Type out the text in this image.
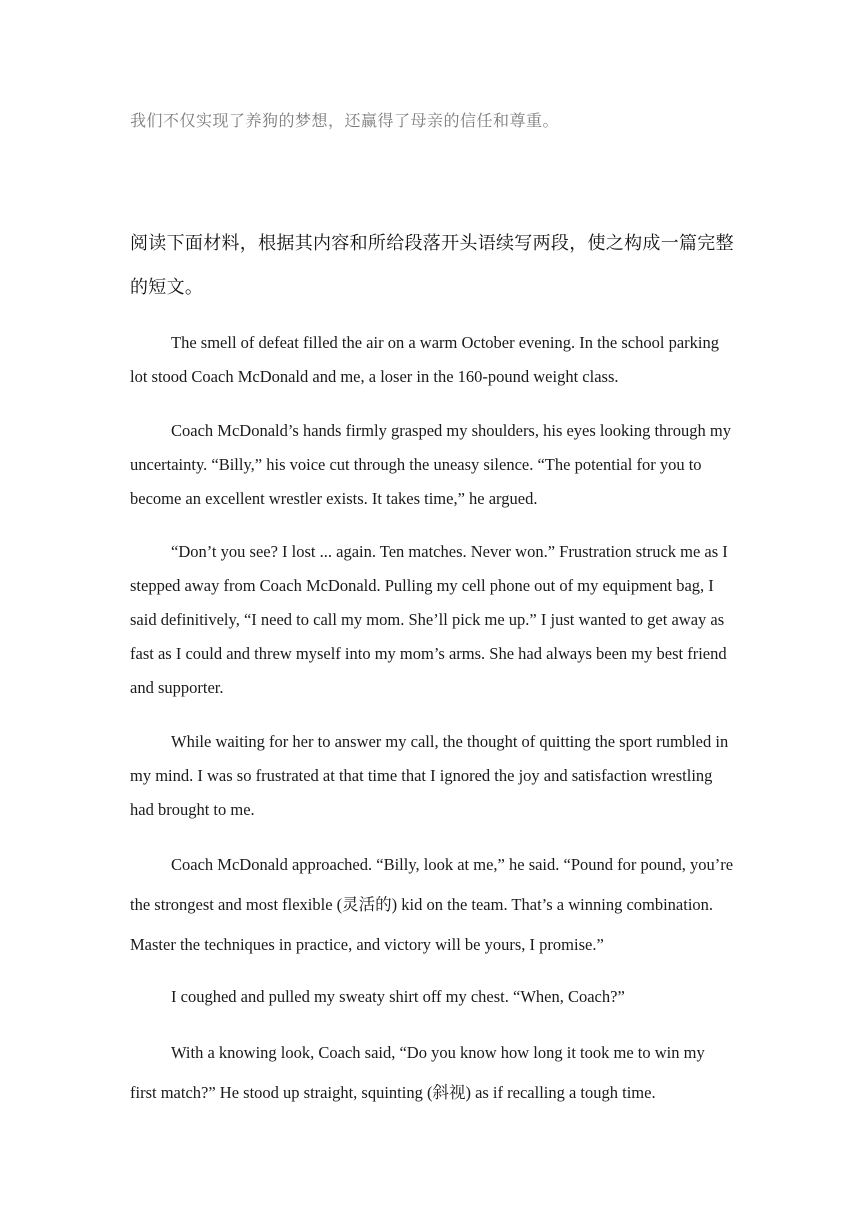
我们不仅实现了养狗的梦想，还赢得了母亲的信任和尊重。
阅读下面材料，根据其内容和所给段落开头语续写两段，使之构成一篇完整的短文。

The smell of defeat filled the air on a warm October evening. In the school parking lot stood Coach McDonald and me, a loser in the 160-pound weight class.

Coach McDonald’s hands firmly grasped my shoulders, his eyes looking through my uncertainty. “Billy,” his voice cut through the uneasy silence. “The potential for you to become an excellent wrestler exists. It takes time,” he argued.

“Don’t you see? I lost ... again. Ten matches. Never won.” Frustration struck me as I stepped away from Coach McDonald. Pulling my cell phone out of my equipment bag, I said definitively, “I need to call my mom. She’ll pick me up.” I just wanted to get away as fast as I could and threw myself into my mom’s arms. She had always been my best friend and supporter.

While waiting for her to answer my call, the thought of quitting the sport rumbled in my mind. I was so frustrated at that time that I ignored the joy and satisfaction wrestling had brought to me.

Coach McDonald approached. “Billy, look at me,” he said. “Pound for pound, you’re the strongest and most flexible (灵活的) kid on the team. That’s a winning combination. Master the techniques in practice, and victory will be yours, I promise.”

I coughed and pulled my sweaty shirt off my chest. “When, Coach?”

With a knowing look, Coach said, “Do you know how long it took me to win my first match?” He stood up straight, squinting (斜视) as if recalling a tough time.
